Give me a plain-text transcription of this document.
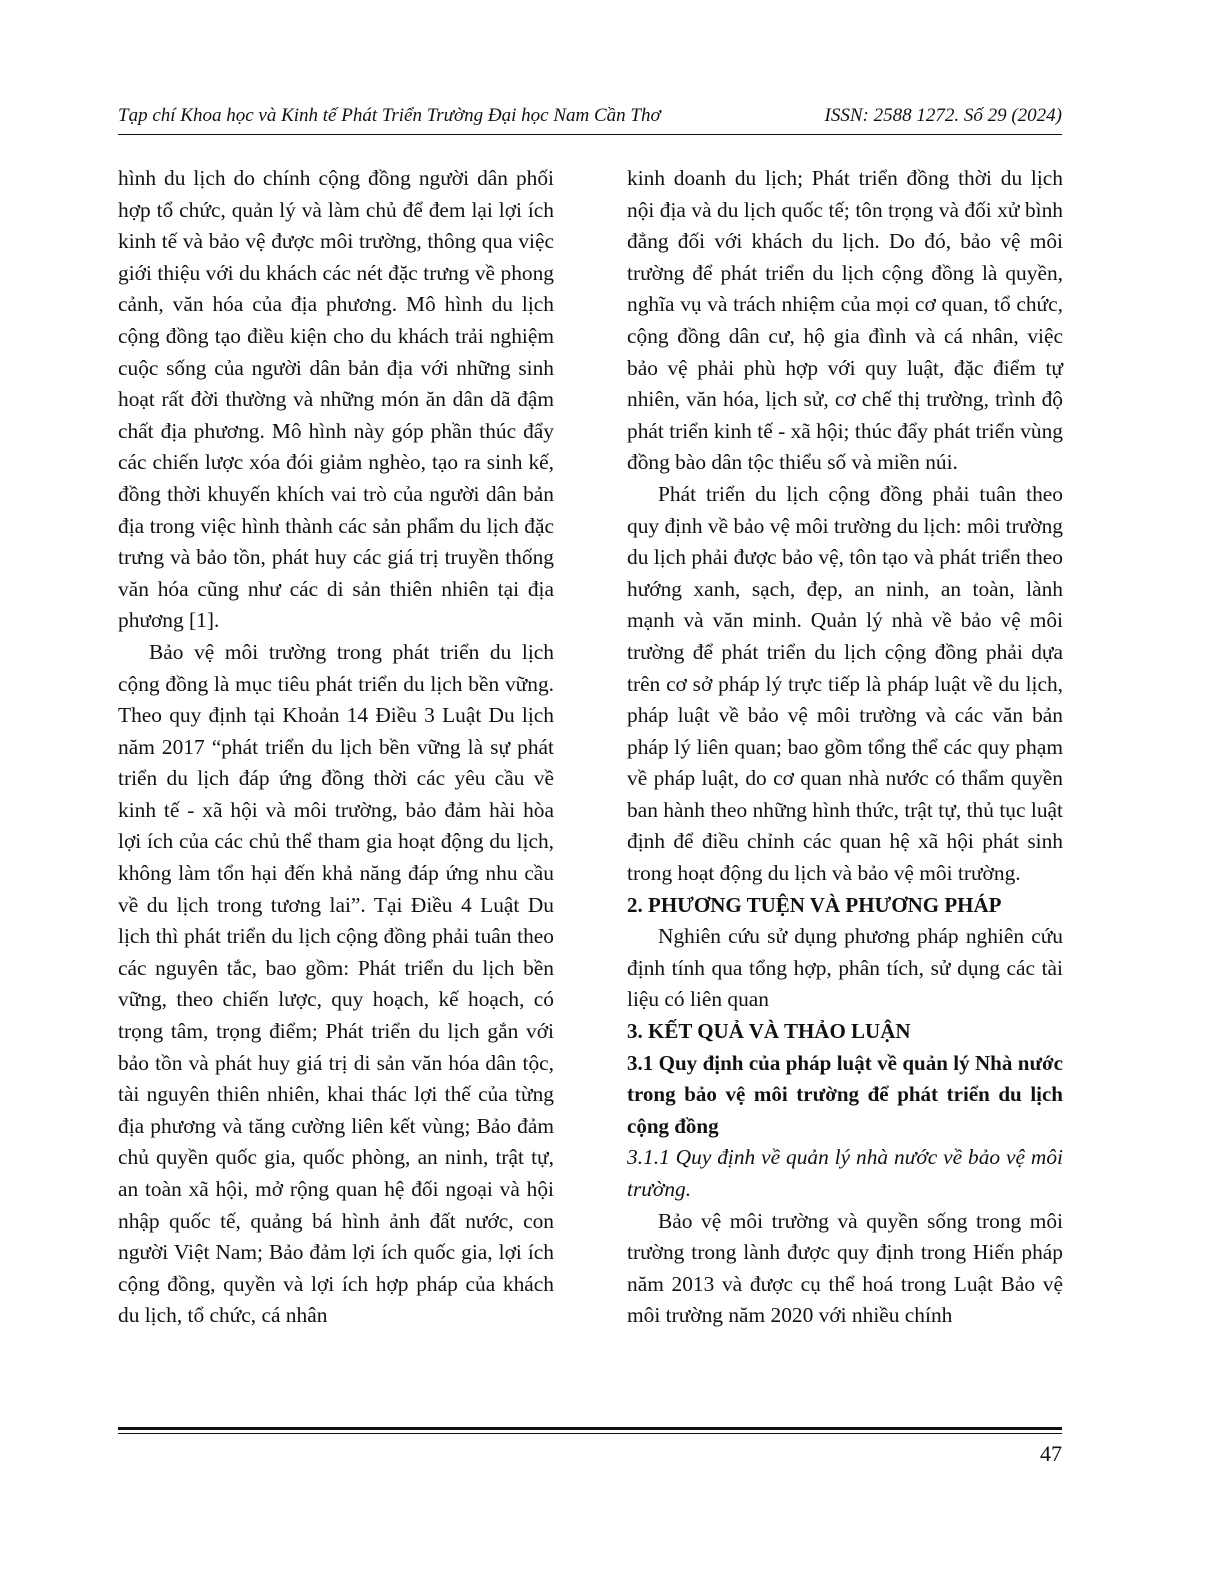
Tạp chí Khoa học và Kinh tế Phát Triển Trường Đại học Nam Cần Thơ	ISSN: 2588 1272. Số 29 (2024)

hình du lịch do chính cộng đồng người dân phối hợp tổ chức, quản lý và làm chủ để đem lại lợi ích kinh tế và bảo vệ được môi trường, thông qua việc giới thiệu với du khách các nét đặc trưng về phong cảnh, văn hóa của địa phương. Mô hình du lịch cộng đồng tạo điều kiện cho du khách trải nghiệm cuộc sống của người dân bản địa với những sinh hoạt rất đời thường và những món ăn dân dã đậm chất địa phương. Mô hình này góp phần thúc đẩy các chiến lược xóa đói giảm nghèo, tạo ra sinh kế, đồng thời khuyến khích vai trò của người dân bản địa trong việc hình thành các sản phẩm du lịch đặc trưng và bảo tồn, phát huy các giá trị truyền thống văn hóa cũng như các di sản thiên nhiên tại địa phương [1].

Bảo vệ môi trường trong phát triển du lịch cộng đồng là mục tiêu phát triển du lịch bền vững. Theo quy định tại Khoản 14 Điều 3 Luật Du lịch năm 2017 “phát triển du lịch bền vững là sự phát triển du lịch đáp ứng đồng thời các yêu cầu về kinh tế - xã hội và môi trường, bảo đảm hài hòa lợi ích của các chủ thể tham gia hoạt động du lịch, không làm tổn hại đến khả năng đáp ứng nhu cầu về du lịch trong tương lai”. Tại Điều 4 Luật Du lịch thì phát triển du lịch cộng đồng phải tuân theo các nguyên tắc, bao gồm: Phát triển du lịch bền vững, theo chiến lược, quy hoạch, kế hoạch, có trọng tâm, trọng điểm; Phát triển du lịch gắn với bảo tồn và phát huy giá trị di sản văn hóa dân tộc, tài nguyên thiên nhiên, khai thác lợi thế của từng địa phương và tăng cường liên kết vùng; Bảo đảm chủ quyền quốc gia, quốc phòng, an ninh, trật tự, an toàn xã hội, mở rộng quan hệ đối ngoại và hội nhập quốc tế, quảng bá hình ảnh đất nước, con người Việt Nam; Bảo đảm lợi ích quốc gia, lợi ích cộng đồng, quyền và lợi ích hợp pháp của khách du lịch, tổ chức, cá nhân

kinh doanh du lịch; Phát triển đồng thời du lịch nội địa và du lịch quốc tế; tôn trọng và đối xử bình đẳng đối với khách du lịch. Do đó, bảo vệ môi trường để phát triển du lịch cộng đồng là quyền, nghĩa vụ và trách nhiệm của mọi cơ quan, tổ chức, cộng đồng dân cư, hộ gia đình và cá nhân, việc bảo vệ phải phù hợp với quy luật, đặc điểm tự nhiên, văn hóa, lịch sử, cơ chế thị trường, trình độ phát triển kinh tế - xã hội; thúc đẩy phát triển vùng đồng bào dân tộc thiểu số và miền núi.

Phát triển du lịch cộng đồng phải tuân theo quy định về bảo vệ môi trường du lịch: môi trường du lịch phải được bảo vệ, tôn tạo và phát triển theo hướng xanh, sạch, đẹp, an ninh, an toàn, lành mạnh và văn minh. Quản lý nhà về bảo vệ môi trường để phát triển du lịch cộng đồng phải dựa trên cơ sở pháp lý trực tiếp là pháp luật về du lịch, pháp luật về bảo vệ môi trường và các văn bản pháp lý liên quan; bao gồm tổng thể các quy phạm về pháp luật, do cơ quan nhà nước có thẩm quyền ban hành theo những hình thức, trật tự, thủ tục luật định để điều chỉnh các quan hệ xã hội phát sinh trong hoạt động du lịch và bảo vệ môi trường.

2. PHƯƠNG TUỆN VÀ PHƯƠNG PHÁP

Nghiên cứu sử dụng phương pháp nghiên cứu định tính qua tổng hợp, phân tích, sử dụng các tài liệu có liên quan

3. KẾT QUẢ VÀ THẢO LUẬN

3.1 Quy định của pháp luật về quản lý Nhà nước trong bảo vệ môi trường để phát triển du lịch cộng đồng

3.1.1 Quy định về quản lý nhà nước về bảo vệ môi trường.

Bảo vệ môi trường và quyền sống trong môi trường trong lành được quy định trong Hiến pháp năm 2013 và được cụ thể hoá trong Luật Bảo vệ môi trường năm 2020 với nhiều chính

47
